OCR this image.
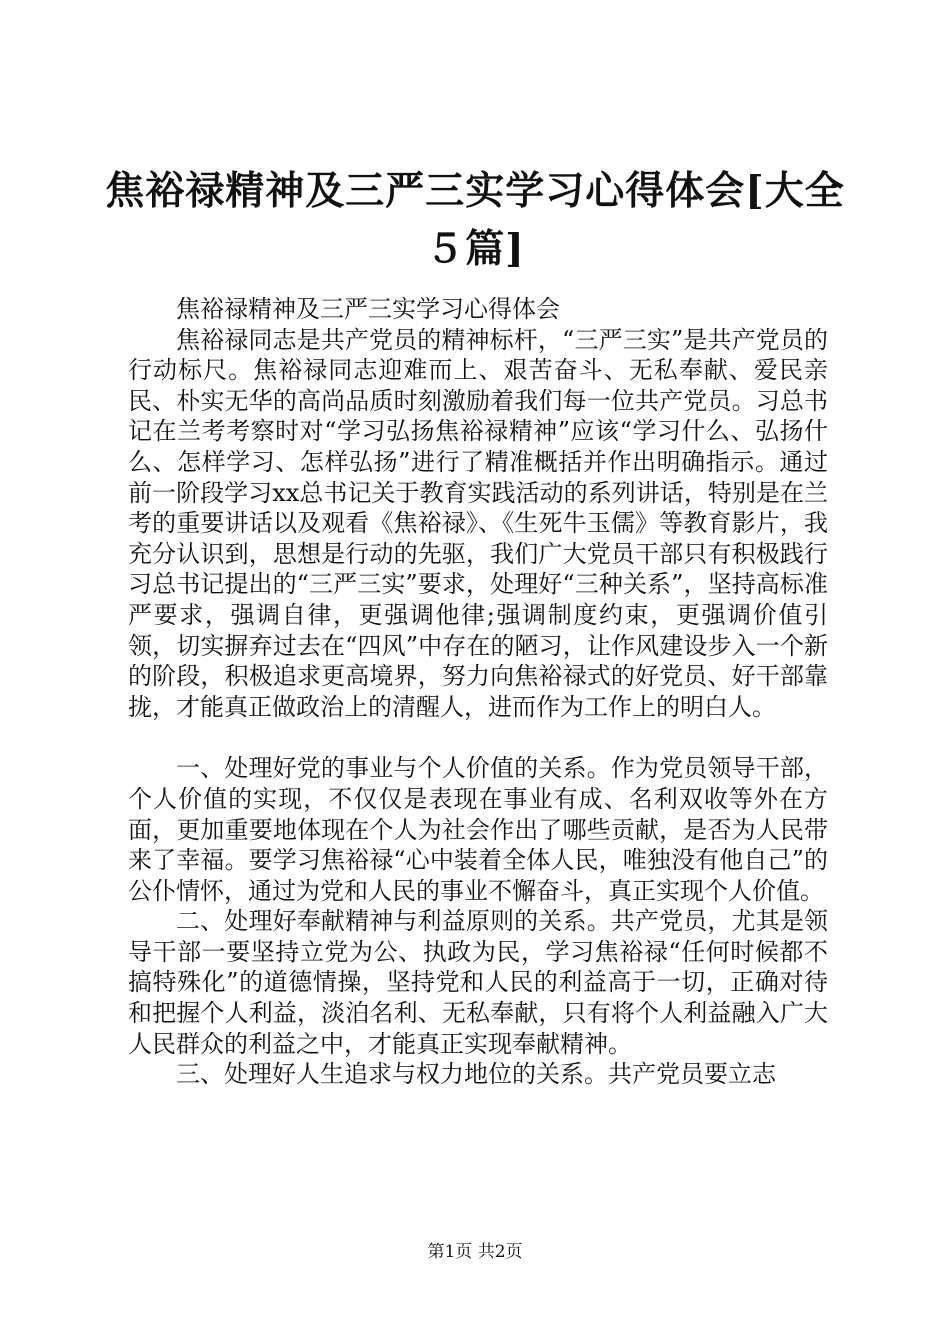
焦裕禄精神及三严三实学习心得体会[大全５篇]

焦裕禄精神及三严三实学习心得体会

焦裕禄同志是共产党员的精神标杆，“三严三实”是共产党员的行动标尺。焦裕禄同志迎难而上、艰苦奋斗、无私奉献、爱民亲民、朴实无华的高尚品质时刻激励着我们每一位共产党员。习总书记在兰考考察时对“学习弘扬焦裕禄精神”应该“学习什么、弘扬什么、怎样学习、怎样弘扬”进行了精准概括并作出明确指示。通过前一阶段学习xx总书记关于教育实践活动的系列讲话，特别是在兰考的重要讲话以及观看《焦裕禄》、《生死牛玉儒》等教育影片，我充分认识到，思想是行动的先驱，我们广大党员干部只有积极践行习总书记提出的“三严三实”要求，处理好“三种关系”，坚持高标准严要求，强调自律，更强调他律;强调制度约束，更强调价值引领，切实摒弃过去在“四风”中存在的陋习，让作风建设步入一个新的阶段，积极追求更高境界，努力向焦裕禄式的好党员、好干部靠拢，才能真正做政治上的清醒人，进而作为工作上的明白人。

一、处理好党的事业与个人价值的关系。作为党员领导干部，个人价值的实现，不仅仅是表现在事业有成、名利双收等外在方面，更加重要地体现在个人为社会作出了哪些贡献，是否为人民带来了幸福。要学习焦裕禄“心中装着全体人民，唯独没有他自己”的公仆情怀，通过为党和人民的事业不懈奋斗，真正实现个人价值。

二、处理好奉献精神与利益原则的关系。共产党员，尤其是领导干部一要坚持立党为公、执政为民，学习焦裕禄“任何时候都不搞特殊化”的道德情操，坚持党和人民的利益高于一切，正确对待和把握个人利益，淡泊名利、无私奉献，只有将个人利益融入广大人民群众的利益之中，才能真正实现奉献精神。

三、处理好人生追求与权力地位的关系。共产党员要立志

第1页 共2页
